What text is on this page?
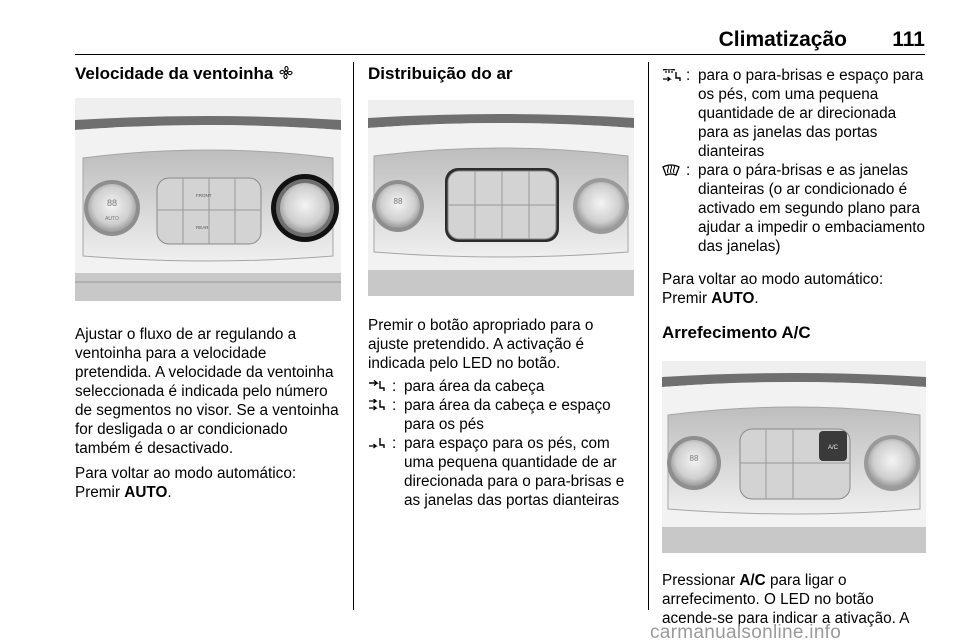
Climatização 111
Velocidade da ventoinha
88
AUTO
FRONT
REAR

Ajustar o fluxo de ar regulando a ventoinha para a velocidade pretendida. A velocidade da ventoinha seleccionada é indicada pelo número de segmentos no visor. Se a ventoinha for desligada o ar condicionado também é desactivado.

Para voltar ao modo automático: Premir AUTO.

Distribuição do ar
88

Premir o botão apropriado para o ajuste pretendido. A activação é indicada pelo LED no botão.

: para área da cabeça
: para área da cabeça e espaço para os pés
: para espaço para os pés, com uma pequena quantidade de ar direcionada para o para-brisas e as janelas das portas dianteiras
: para o para-brisas e espaço para os pés, com uma pequena quantidade de ar direcionada para as janelas das portas dianteiras
: para o pára-brisas e as janelas dianteiras (o ar condicionado é activado em segundo plano para ajudar a impedir o embaciamento das janelas)

Para voltar ao modo automático: Premir AUTO.

Arrefecimento A/C
88
A/C

Pressionar A/C para ligar o arrefecimento. O LED no botão acende-se para indicar a ativação. A

carmanualsonline.info
